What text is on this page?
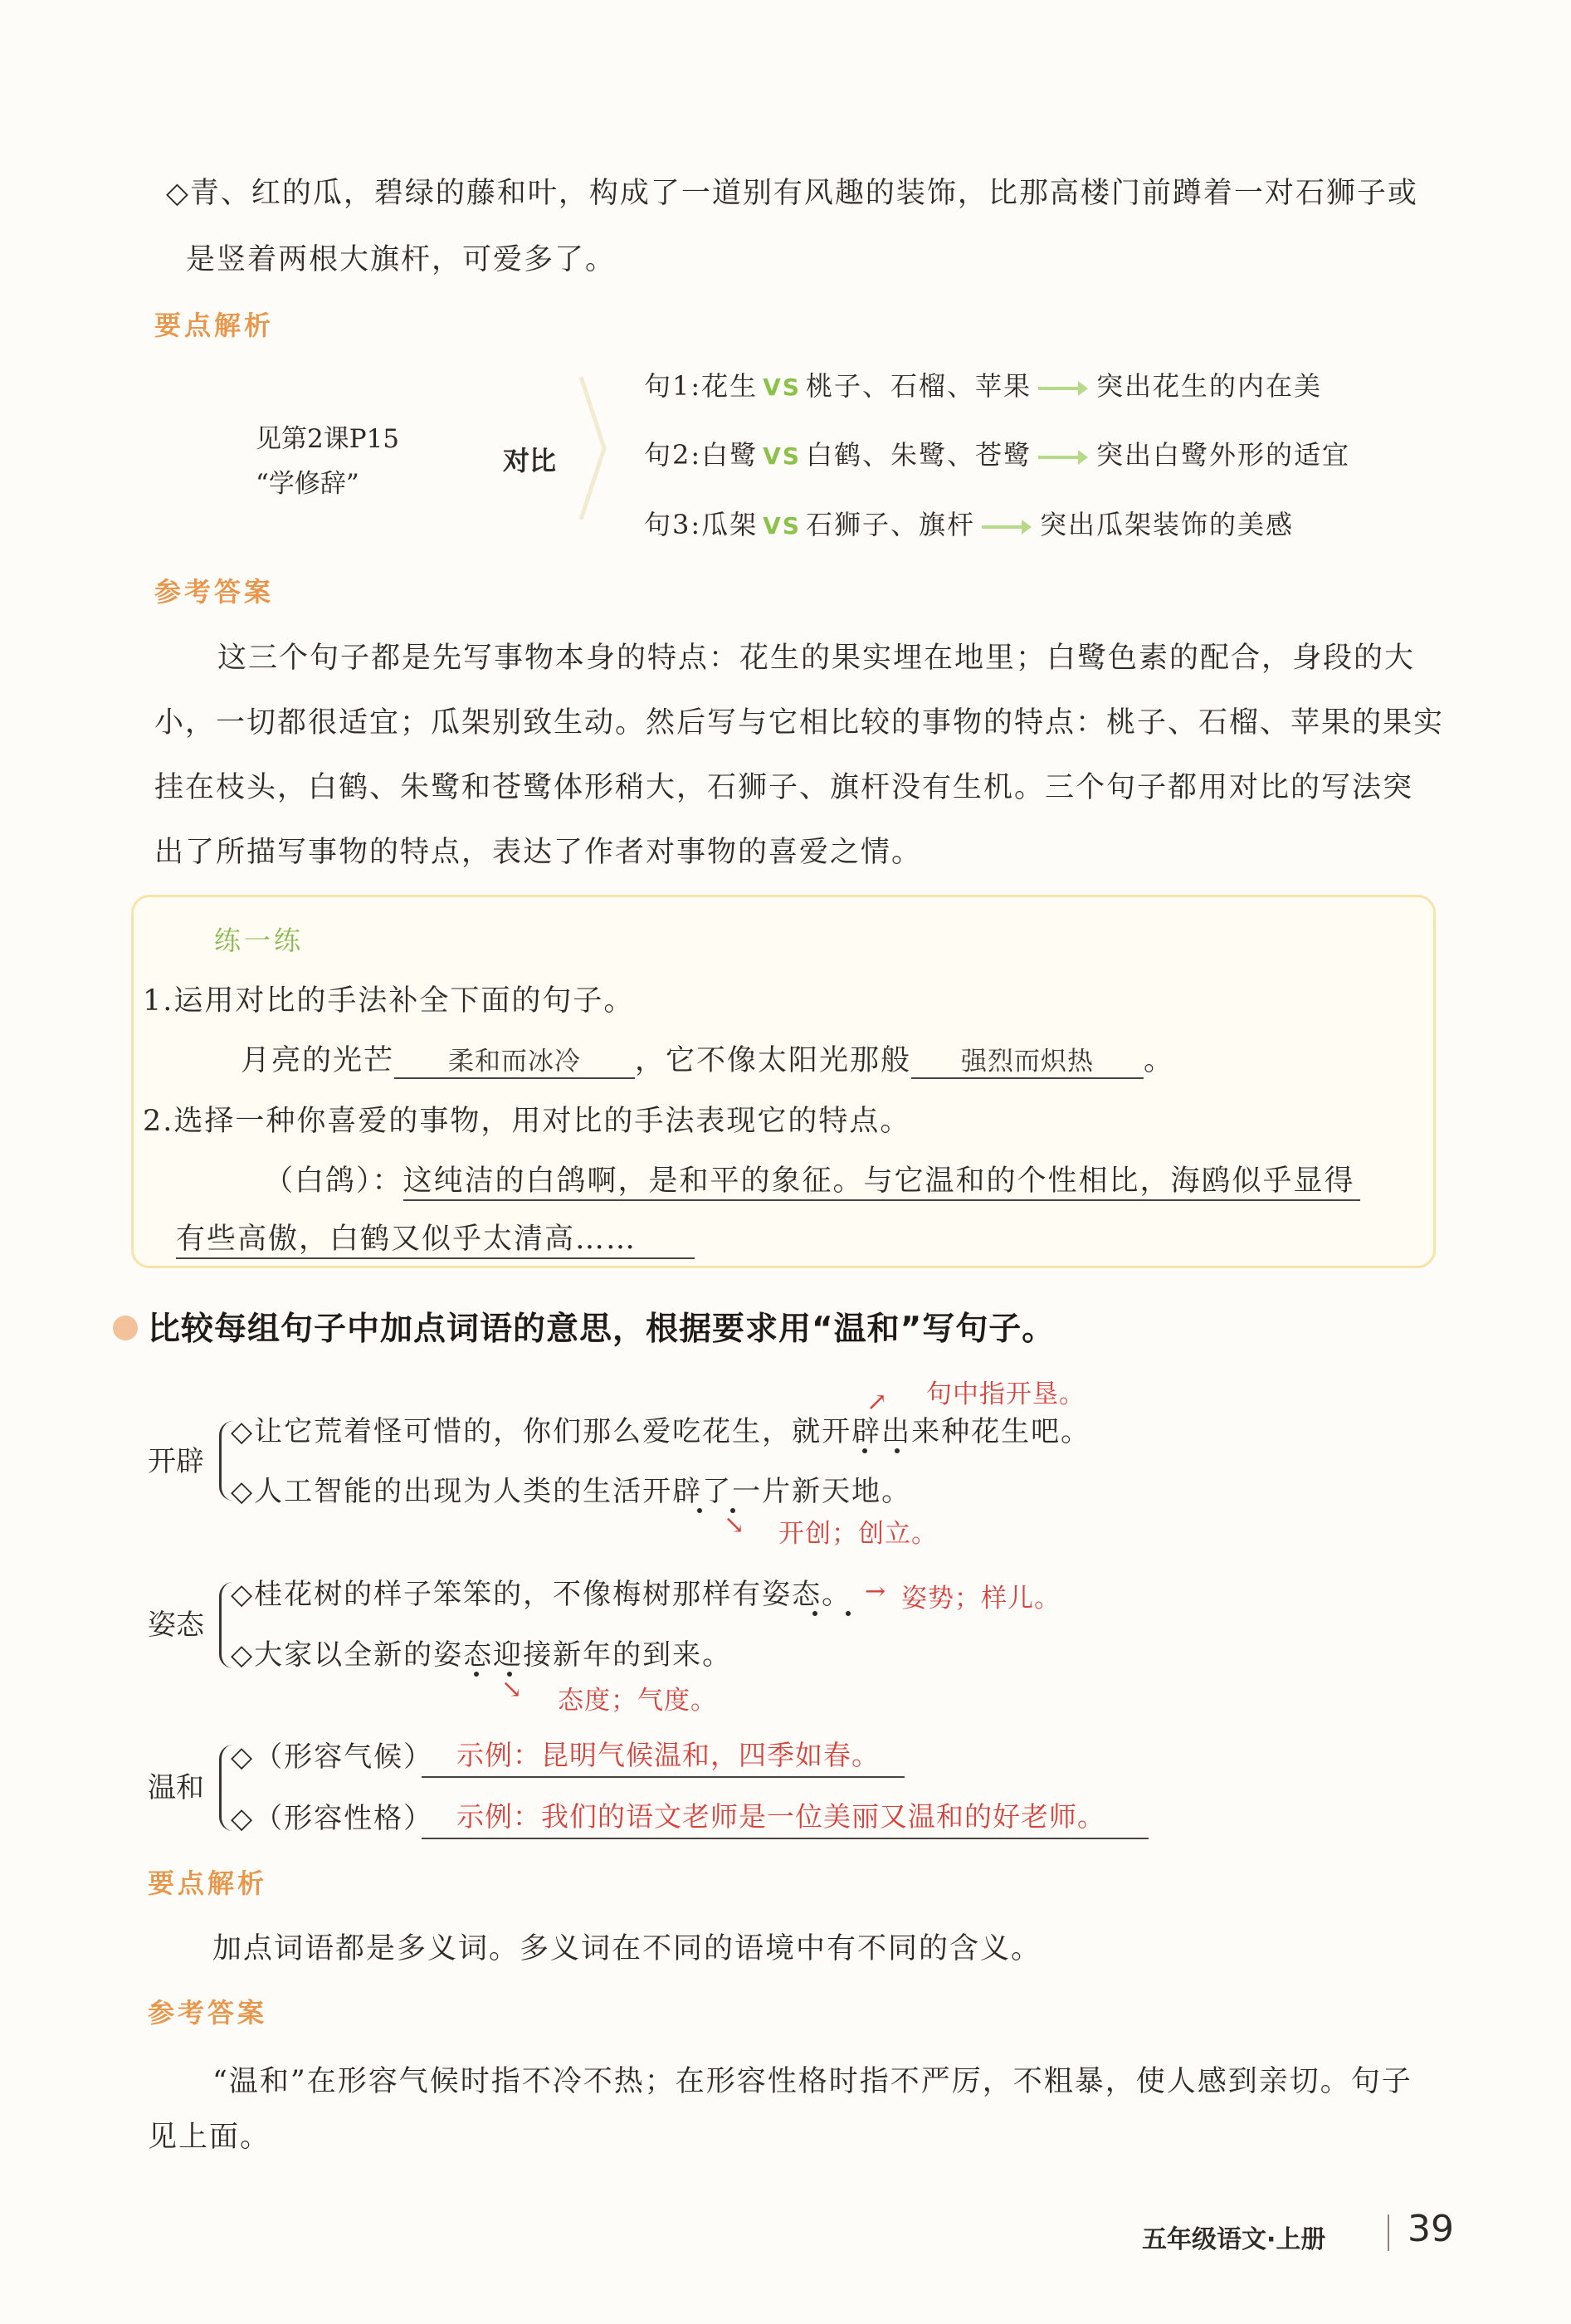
◇青、红的瓜，碧绿的藤和叶，构成了一道别有风趣的装饰，比那高楼门前蹲着一对石狮子或
是竖着两根大旗杆，可爱多了。
要点解析
见第2课P15
“学修辞”
对比
句1:花生 VS 桃子、石榴、苹果 突出花生的内在美
句2:白鹭 VS 白鹤、朱鹭、苍鹭 突出白鹭外形的适宜
句3:瓜架 VS 石狮子、旗杆 突出瓜架装饰的美感
参考答案
这三个句子都是先写事物本身的特点：花生的果实埋在地里；白鹭色素的配合，身段的大
小，一切都很适宜；瓜架别致生动。然后写与它相比较的事物的特点：桃子、石榴、苹果的果实
挂在枝头，白鹤、朱鹭和苍鹭体形稍大，石狮子、旗杆没有生机。三个句子都用对比的写法突
出了所描写事物的特点，表达了作者对事物的喜爱之情。
练一练
1.运用对比的手法补全下面的句子。
月亮的光芒 柔和而冰冷 ，它不像太阳光那般 强烈而炽热 。
2.选择一种你喜爱的事物，用对比的手法表现它的特点。
（白鸽）：这纯洁的白鸽啊，是和平的象征。与它温和的个性相比，海鸥似乎显得
有些高傲，白鹤又似乎太清高……
比较每组句子中加点词语的意思，根据要求用“温和”写句子。
开辟
↗ 句中指开垦。
◇让它荒着怪可惜的，你们那么爱吃花生，就开辟出来种花生吧。
◇人工智能的出现为人类的生活开辟了一片新天地。
↘ 开创；创立。
姿态
◇桂花树的样子笨笨的，不像梅树那样有姿态。 → 姿势；样儿。
◇大家以全新的姿态迎接新年的到来。
↘ 态度；气度。
温和
◇（形容气候） 示例：昆明气候温和，四季如春。
◇（形容性格） 示例：我们的语文老师是一位美丽又温和的好老师。
要点解析
加点词语都是多义词。多义词在不同的语境中有不同的含义。
参考答案
“温和”在形容气候时指不冷不热；在形容性格时指不严厉，不粗暴，使人感到亲切。句子
见上面。
五年级语文·上册 39
